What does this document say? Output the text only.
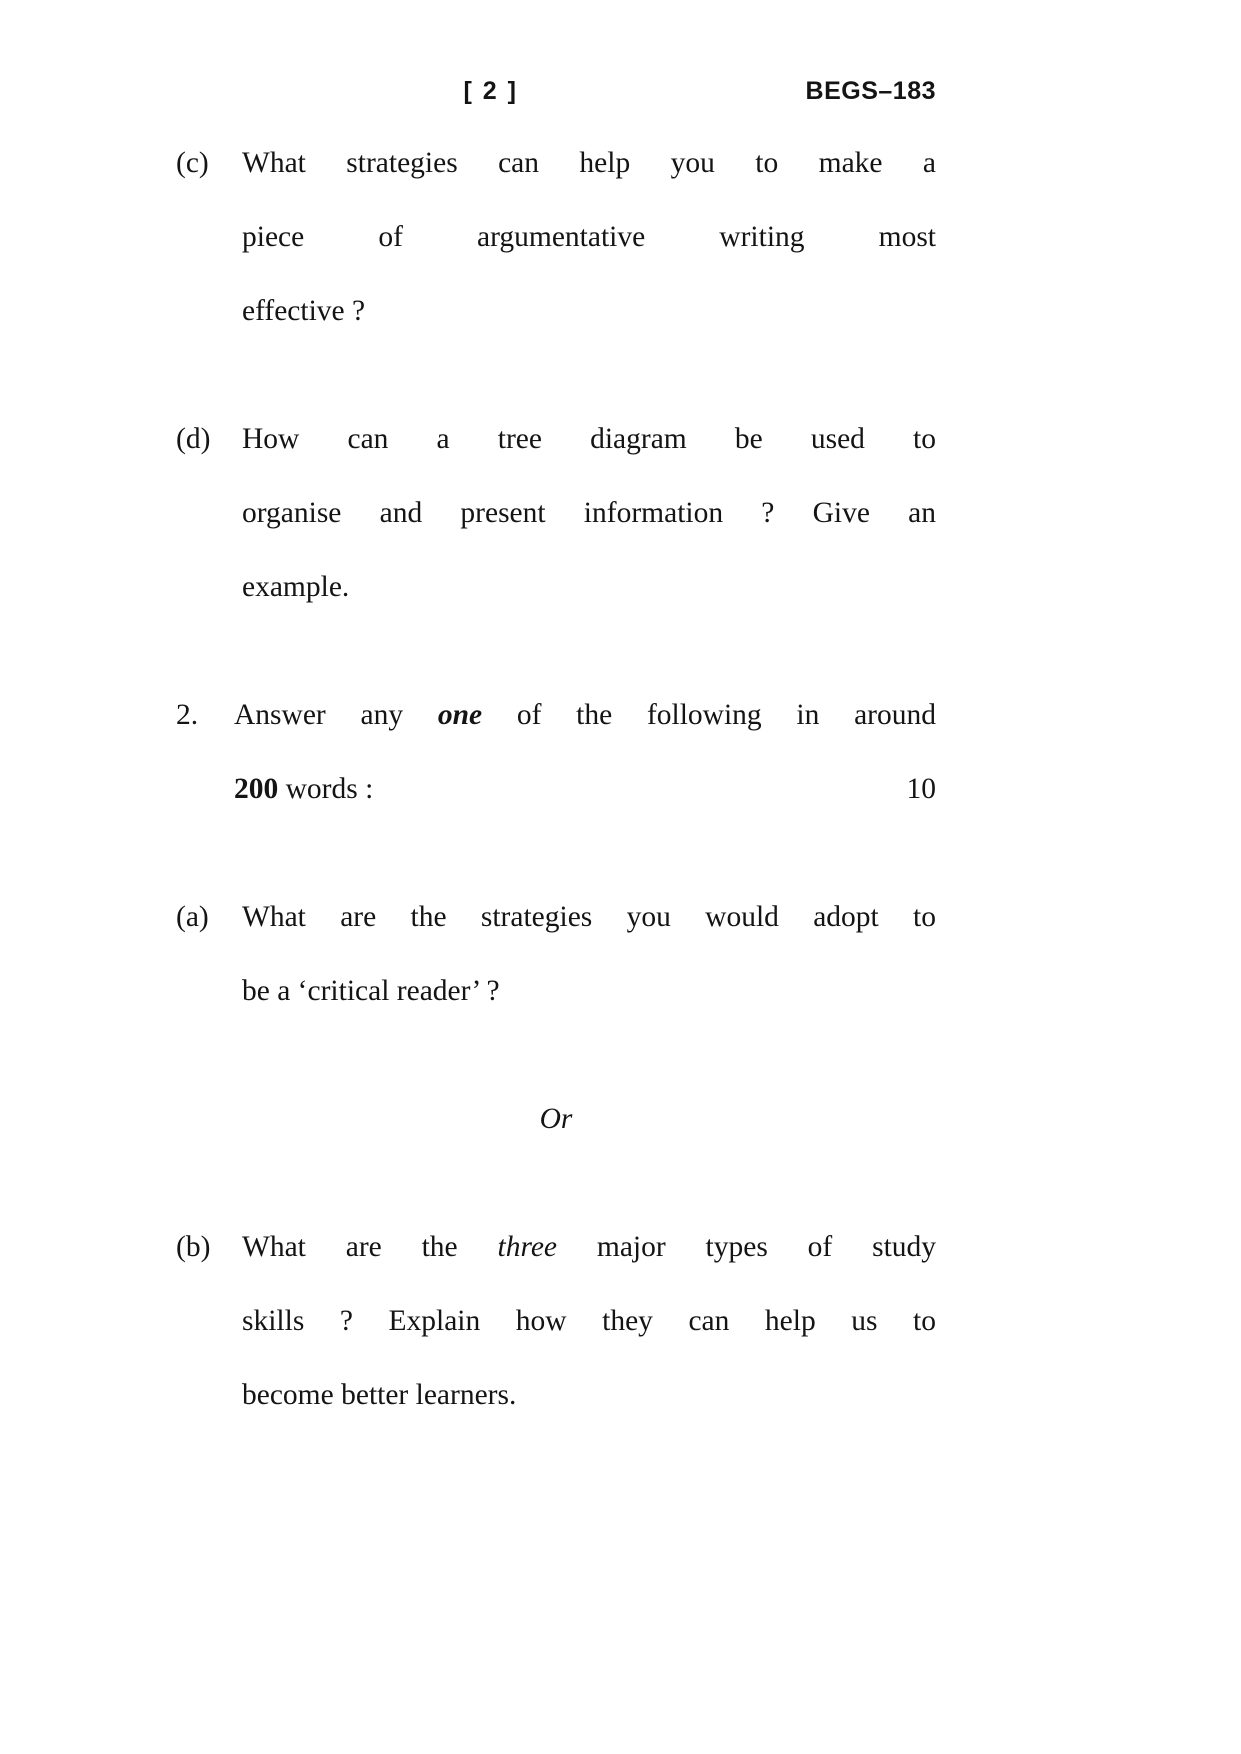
[ 2 ]	BEGS–183
(c)	What strategies can help you to make a
piece of argumentative writing most
effective ?
(d)	How can a tree diagram be used to
organise and present information ? Give an
example.
2.	Answer any one of the following in around
200 words :	10
(a)	What are the strategies you would adopt to
be a ‘critical reader’ ?
Or
(b)	What are the three major types of study
skills ? Explain how they can help us to
become better learners.
